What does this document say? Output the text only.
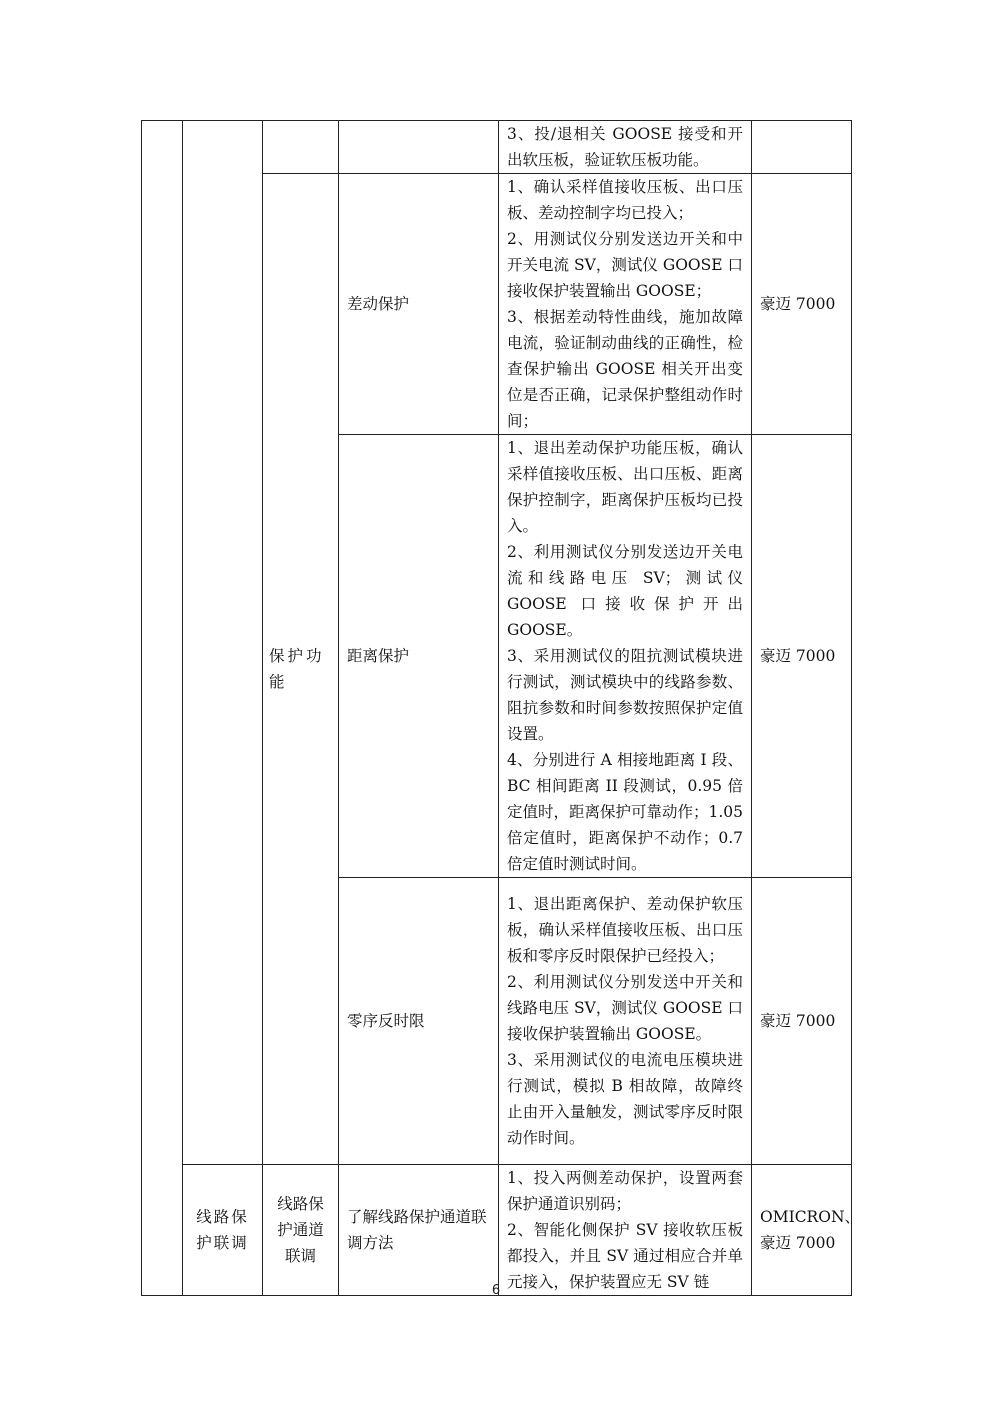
				3、投/退相关 GOOSE 接受和开出软压板，验证软压板功能。	

		保护功能	差动保护	1、确认采样值接收压板、出口压板、差动控制字均已投入；

2、用测试仪分别发送边开关和中开关电流 SV，测试仪 GOOSE 口接收保护装置输出 GOOSE；

3、根据差动特性曲线，施加故障电流，验证制动曲线的正确性，检查保护输出 GOOSE 相关开出变位是否正确，记录保护整组动作时间；	豪迈 7000
			距离保护	1、退出差动保护功能压板，确认采样值接收压板、出口压板、距离保护控制字，距离保护压板均已投入。

2、利用测试仪分别发送边开关电流和线路电压 SV；测试仪 GOOSE 口接收保护开出 GOOSE。

3、采用测试仪的阻抗测试模块进行测试，测试模块中的线路参数、阻抗参数和时间参数按照保护定值设置。

4、分别进行 A 相接地距离 I 段、BC 相间距离 II 段测试，0.95 倍定值时，距离保护可靠动作；1.05 倍定值时，距离保护不动作；0.7 倍定值时测试时间。	豪迈 7000
			零序反时限	1、退出距离保护、差动保护软压板，确认采样值接收压板、出口压板和零序反时限保护已经投入；

2、利用测试仪分别发送中开关和线路电压 SV，测试仪 GOOSE 口接收保护装置输出 GOOSE。

3、采用测试仪的电流电压模块进行测试，模拟 B 相故障，故障终止由开入量触发，测试零序反时限动作时间。	豪迈 7000
	线路保护联调	线路保护通道联调	了解线路保护通道联调方法	1、投入两侧差动保护，设置两套保护通道识别码；

2、智能化侧保护 SV 接收软压板都投入，并且 SV 通过相应合并单元接入，保护装置应无 SV 链	OMICRON、豪迈 7000
6
